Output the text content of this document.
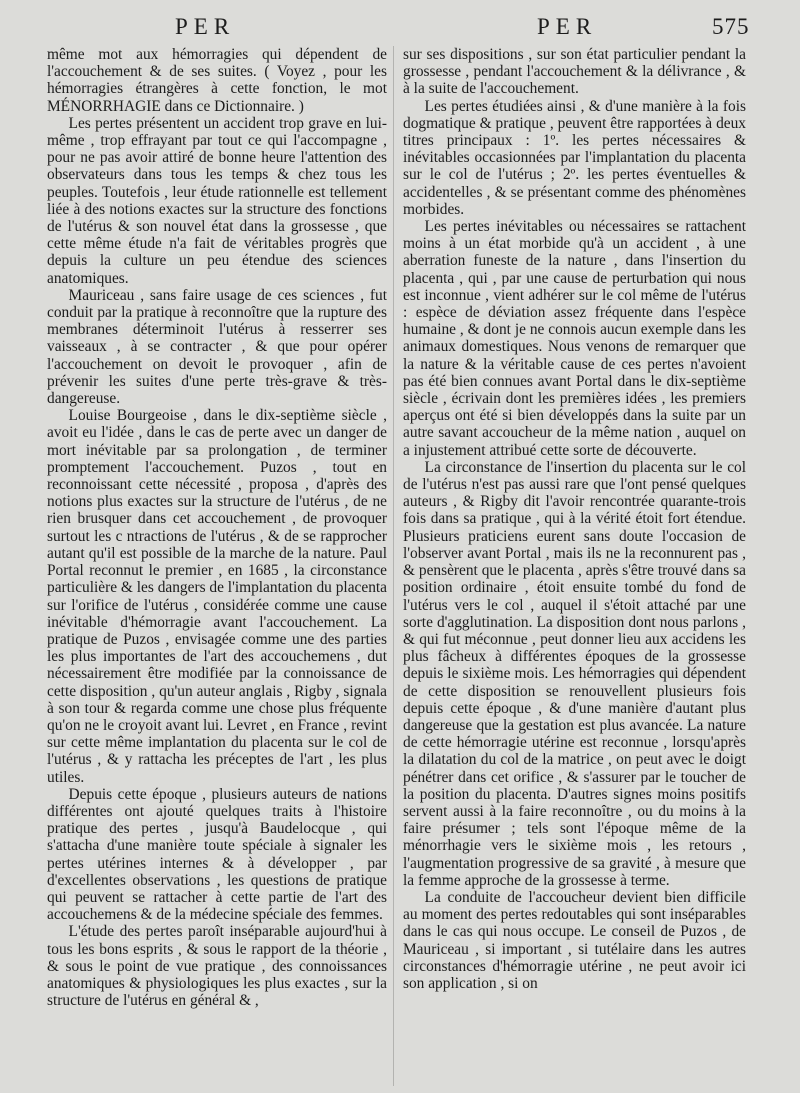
PER	PER	575

même mot aux hémorragies qui dépendent de l'accouchement & de ses suites. ( Voyez , pour les hémorragies étrangères à cette fonction, le mot MÉNORRHAGIE dans ce Dictionnaire. )

Les pertes présentent un accident trop grave en lui-même , trop effrayant par tout ce qui l'accompagne , pour ne pas avoir attiré de bonne heure l'attention des observateurs dans tous les temps & chez tous les peuples. Toutefois , leur étude rationnelle est tellement liée à des notions exactes sur la structure des fonctions de l'utérus & son nouvel état dans la grossesse , que cette même étude n'a fait de véritables progrès que depuis la culture un peu étendue des sciences anatomiques.

Mauriceau , sans faire usage de ces sciences , fut conduit par la pratique à reconnoître que la rupture des membranes déterminoit l'utérus à resserrer ses vaisseaux , à se contracter , & que pour opérer l'accouchement on devoit le provoquer , afin de prévenir les suites d'une perte très-grave & très-dangereuse.

Louise Bourgeoise , dans le dix-septième siècle , avoit eu l'idée , dans le cas de perte avec un danger de mort inévitable par sa prolongation , de terminer promptement l'accouchement. Puzos , tout en reconnoissant cette nécessité , proposa , d'après des notions plus exactes sur la structure de l'utérus , de ne rien brusquer dans cet accouchement , de provoquer surtout les c ntractions de l'utérus , & de se rapprocher autant qu'il est possible de la marche de la nature. Paul Portal reconnut le premier , en 1685 , la circonstance particulière & les dangers de l'implantation du placenta sur l'orifice de l'utérus , considérée comme une cause inévitable d'hémorragie avant l'accouchement. La pratique de Puzos , envisagée comme une des parties les plus importantes de l'art des accouchemens , dut nécessairement être modifiée par la connoissance de cette disposition , qu'un auteur anglais , Rigby , signala à son tour & regarda comme une chose plus fréquente qu'on ne le croyoit avant lui. Levret , en France , revint sur cette même implantation du placenta sur le col de l'utérus , & y rattacha les préceptes de l'art , les plus utiles.

Depuis cette époque , plusieurs auteurs de nations différentes ont ajouté quelques traits à l'histoire pratique des pertes , jusqu'à Baudelocque , qui s'attacha d'une manière toute spéciale à signaler les pertes utérines internes & à développer , par d'excellentes observations , les questions de pratique qui peuvent se rattacher à cette partie de l'art des accouchemens & de la médecine spéciale des femmes.

L'étude des pertes paroît inséparable aujourd'hui à tous les bons esprits , & sous le rapport de la théorie , & sous le point de vue pratique , des connoissances anatomiques & physiologiques les plus exactes , sur la structure de l'utérus en général & ,

sur ses dispositions , sur son état particulier pendant la grossesse , pendant l'accouchement & la délivrance , & à la suite de l'accouchement.

Les pertes étudiées ainsi , & d'une manière à la fois dogmatique & pratique , peuvent être rapportées à deux titres principaux : 1º. les pertes nécessaires & inévitables occasionnées par l'implantation du placenta sur le col de l'utérus ; 2º. les pertes éventuelles & accidentelles , & se présentant comme des phénomènes morbides.

Les pertes inévitables ou nécessaires se rattachent moins à un état morbide qu'à un accident , à une aberration funeste de la nature , dans l'insertion du placenta , qui , par une cause de perturbation qui nous est inconnue , vient adhérer sur le col même de l'utérus : espèce de déviation assez fréquente dans l'espèce humaine , & dont je ne connois aucun exemple dans les animaux domestiques. Nous venons de remarquer que la nature & la véritable cause de ces pertes n'avoient pas été bien connues avant Portal dans le dix-septième siècle , écrivain dont les premières idées , les premiers aperçus ont été si bien développés dans la suite par un autre savant accoucheur de la même nation , auquel on a injustement attribué cette sorte de découverte.

La circonstance de l'insertion du placenta sur le col de l'utérus n'est pas aussi rare que l'ont pensé quelques auteurs , & Rigby dit l'avoir rencontrée quarante-trois fois dans sa pratique , qui à la vérité étoit fort étendue. Plusieurs praticiens eurent sans doute l'occasion de l'observer avant Portal , mais ils ne la reconnurent pas , & pensèrent que le placenta , après s'être trouvé dans sa position ordinaire , étoit ensuite tombé du fond de l'utérus vers le col , auquel il s'étoit attaché par une sorte d'agglutination. La disposition dont nous parlons , & qui fut méconnue , peut donner lieu aux accidens les plus fâcheux à différentes époques de la grossesse depuis le sixième mois. Les hémorragies qui dépendent de cette disposition se renouvellent plusieurs fois depuis cette époque , & d'une manière d'autant plus dangereuse que la gestation est plus avancée. La nature de cette hémorragie utérine est reconnue , lorsqu'après la dilatation du col de la matrice , on peut avec le doigt pénétrer dans cet orifice , & s'assurer par le toucher de la position du placenta. D'autres signes moins positifs servent aussi à la faire reconnoître , ou du moins à la faire présumer ; tels sont l'époque même de la ménorrhagie vers le sixième mois , les retours , l'augmentation progressive de sa gravité , à mesure que la femme approche de la grossesse à terme.

La conduite de l'accoucheur devient bien difficile au moment des pertes redoutables qui sont inséparables dans le cas qui nous occupe. Le conseil de Puzos , de Mauriceau , si important , si tutélaire dans les autres circonstances d'hémorragie utérine , ne peut avoir ici son application , si on
